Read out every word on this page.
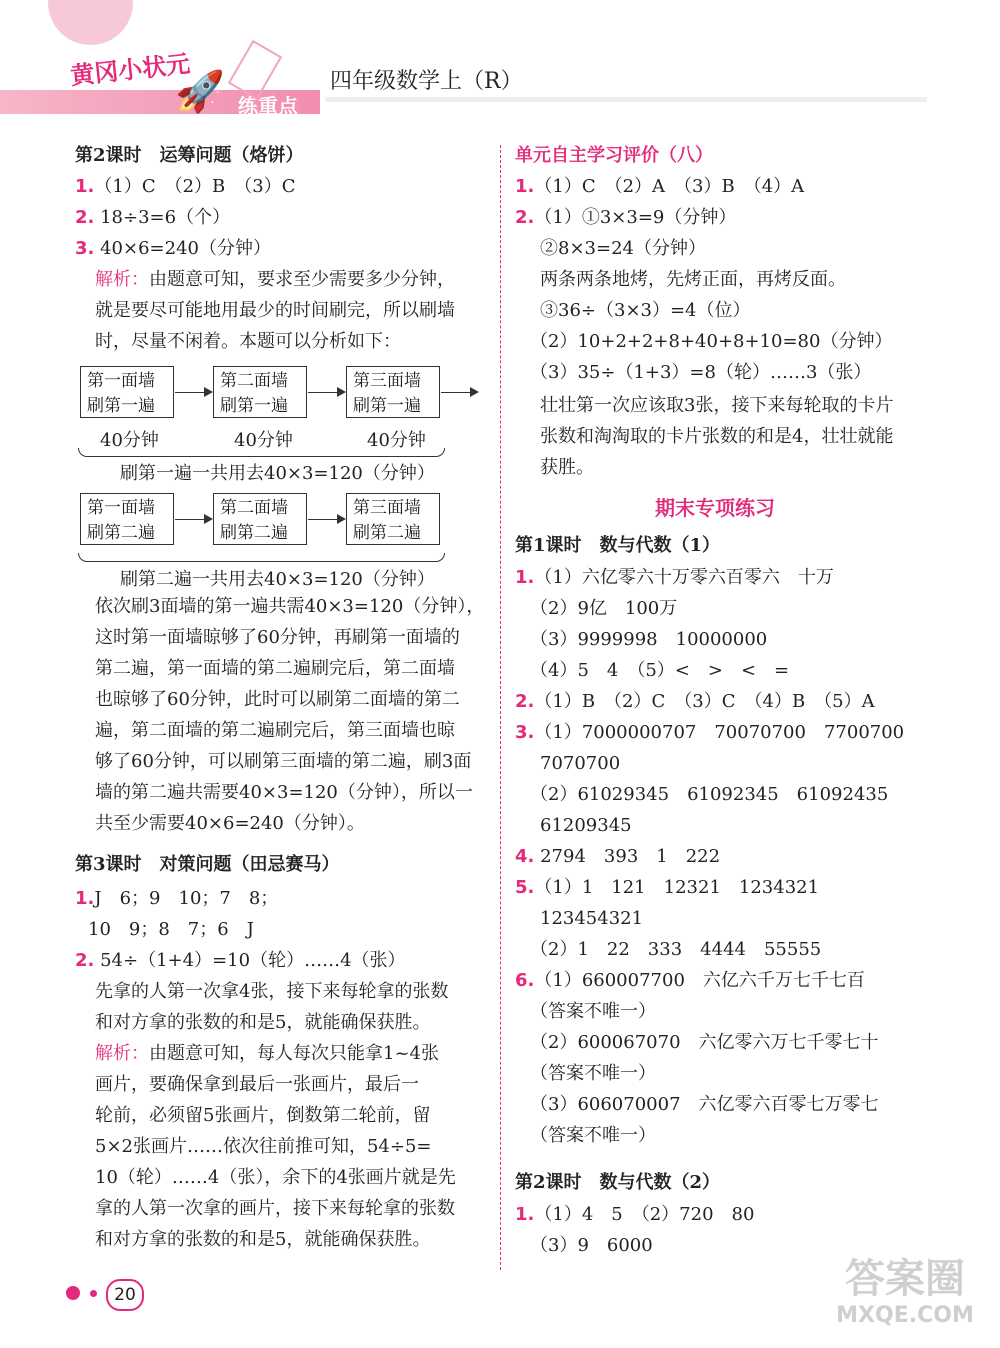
黄冈小状元
练重点
🚀	四年级数学上（R）
第2课时　运筹问题（烙饼）
1.（1）C　（2）B　（3）C
2. 18÷3=6（个）
3. 40×6=240（分钟）
解析：由题意可知，要求至少需要多少分钟，
就是要尽可能地用最少的时间刷完，所以刷墙
时，尽量不闲着。本题可以分析如下：
第一面墙
刷第一遍
第二面墙
刷第一遍
第三面墙
刷第一遍
40分钟	40分钟	40分钟
刷第一遍一共用去40×3=120（分钟）
第一面墙
刷第二遍
第二面墙
刷第二遍
第三面墙
刷第二遍
刷第二遍一共用去40×3=120（分钟）
依次刷3面墙的第一遍共需40×3=120（分钟），
这时第一面墙晾够了60分钟，再刷第一面墙的
第二遍，第一面墙的第二遍刷完后，第二面墙
也晾够了60分钟，此时可以刷第二面墙的第二
遍，第二面墙的第二遍刷完后，第三面墙也晾
够了60分钟，可以刷第三面墙的第二遍，刷3面
墙的第二遍共需要40×3=120（分钟），所以一
共至少需要40×6=240（分钟）。
第3课时　对策问题（田忌赛马）
1.J　6；9　10；7　8；
10　9；8　7；6　J
2. 54÷（1+4）=10（轮）……4（张）
先拿的人第一次拿4张，接下来每轮拿的张数
和对方拿的张数的和是5，就能确保获胜。
解析：由题意可知，每人每次只能拿1~4张
画片，要确保拿到最后一张画片，最后一
轮前，必须留5张画片，倒数第二轮前，留
5×2张画片……依次往前推可知，54÷5=
10（轮）……4（张），余下的4张画片就是先
拿的人第一次拿的画片，接下来每轮拿的张数
和对方拿的张数的和是5，就能确保获胜。
20
单元自主学习评价（八）
1.（1）C　（2）A　（3）B　（4）A
2.（1）①3×3=9（分钟）
②8×3=24（分钟）
两条两条地烤，先烤正面，再烤反面。
③36÷（3×3）=4（位）
（2）10+2+2+8+40+8+10=80（分钟）
（3）35÷（1+3）=8（轮）……3（张）
壮壮第一次应该取3张，接下来每轮取的卡片
张数和淘淘取的卡片张数的和是4，壮壮就能
获胜。
期末专项练习
第1课时　数与代数（1）
1.（1）六亿零六十万零六百零六　十万
（2）9亿　100万
（3）9999998　10000000
（4）5　4　（5）<　>　<　=
2.（1）B　（2）C　（3）C　（4）B　（5）A
3.（1）7000000707　70070700　7700700
7070700
（2）61029345　61092345　61092435
61209345
4. 2794　393　1　222
5.（1）1　121　12321　1234321
123454321
（2）1　22　333　4444　55555
6.（1）660007700　六亿六千万七千七百
（答案不唯一）
（2）600067070　六亿零六万七千零七十
（答案不唯一）
（3）606070007　六亿零六百零七万零七
（答案不唯一）
第2课时　数与代数（2）
1.（1）4　5　（2）720　80
（3）9　6000
答案圈
MXQE.COM
